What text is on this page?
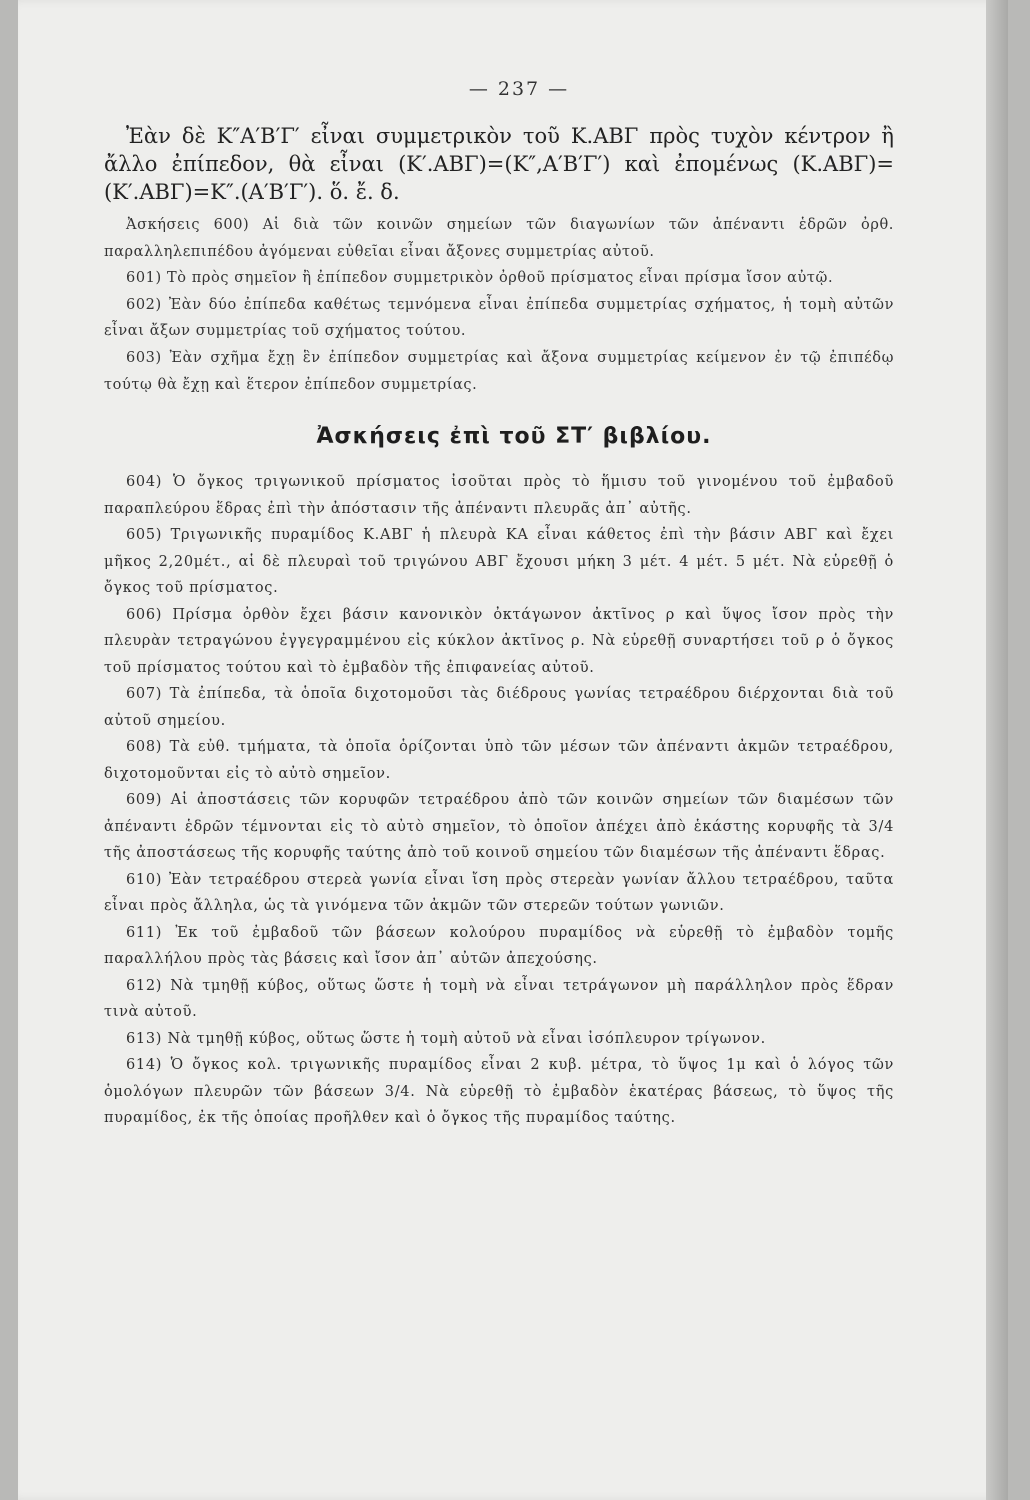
— 237 —

Ἐὰν δὲ Κ″Α′Β′Γ′ εἶναι συμμετρικὸν τοῦ Κ.ΑΒΓ πρὸς τυχὸν κέντρον ἢ ἄλλο ἐπίπεδον, θὰ εἶναι (Κ′.ΑΒΓ)=(Κ″,Α′Β′Γ′) καὶ ἐπομένως (Κ.ΑΒΓ)=(Κ′.ΑΒΓ)=Κ″.(Α′Β′Γ′). ὅ. ἔ. δ.

Ἀσκήσεις 600) Αἱ διὰ τῶν κοινῶν σημείων τῶν διαγωνίων τῶν ἀπέναντι ἑδρῶν ὀρθ. παραλληλεπιπέδου ἀγόμεναι εὐθεῖαι εἶναι ἄξονες συμμετρίας αὐτοῦ.

601) Τὸ πρὸς σημεῖον ἢ ἐπίπεδον συμμετρικὸν ὀρθοῦ πρίσματος εἶναι πρίσμα ἴσον αὐτῷ.

602) Ἐὰν δύο ἐπίπεδα καθέτως τεμνόμενα εἶναι ἐπίπεδα συμμετρίας σχήματος, ἡ τομὴ αὐτῶν εἶναι ἄξων συμμετρίας τοῦ σχήματος τούτου.

603) Ἐὰν σχῆμα ἔχῃ ἓν ἐπίπεδον συμμετρίας καὶ ἄξονα συμμετρίας κείμενον ἐν τῷ ἐπιπέδῳ τούτῳ θὰ ἔχῃ καὶ ἕτερον ἐπίπεδον συμμετρίας.

Ἀσκήσεις ἐπὶ τοῦ ΣΤ′ βιβλίου.

604) Ὁ ὄγκος τριγωνικοῦ πρίσματος ἰσοῦται πρὸς τὸ ἥμισυ τοῦ γινομένου τοῦ ἐμβαδοῦ παραπλεύρου ἕδρας ἐπὶ τὴν ἀπόστασιν τῆς ἀπέναντι πλευρᾶς ἀπ᾽ αὐτῆς.

605) Τριγωνικῆς πυραμίδος Κ.ΑΒΓ ἡ πλευρὰ ΚΑ εἶναι κάθετος ἐπὶ τὴν βάσιν ΑΒΓ καὶ ἔχει μῆκος 2,20μέτ., αἱ δὲ πλευραὶ τοῦ τριγώνου ΑΒΓ ἔχουσι μήκη 3 μέτ. 4 μέτ. 5 μέτ. Νὰ εὑρεθῇ ὁ ὄγκος τοῦ πρίσματος.

606) Πρίσμα ὀρθὸν ἔχει βάσιν κανονικὸν ὀκτάγωνον ἀκτῖνος ρ καὶ ὕψος ἴσον πρὸς τὴν πλευρὰν τετραγώνου ἐγγεγραμμένου εἰς κύκλον ἀκτῖνος ρ. Νὰ εὑρεθῇ συναρτήσει τοῦ ρ ὁ ὄγκος τοῦ πρίσματος τούτου καὶ τὸ ἐμβαδὸν τῆς ἐπιφανείας αὐτοῦ.

607) Τὰ ἐπίπεδα, τὰ ὁποῖα διχοτομοῦσι τὰς διέδρους γωνίας τετραέδρου διέρχονται διὰ τοῦ αὐτοῦ σημείου.

608) Τὰ εὐθ. τμήματα, τὰ ὁποῖα ὁρίζονται ὑπὸ τῶν μέσων τῶν ἀπέναντι ἀκμῶν τετραέδρου, διχοτομοῦνται εἰς τὸ αὐτὸ σημεῖον.

609) Αἱ ἀποστάσεις τῶν κορυφῶν τετραέδρου ἀπὸ τῶν κοινῶν σημείων τῶν διαμέσων τῶν ἀπέναντι ἑδρῶν τέμνονται εἰς τὸ αὐτὸ σημεῖον, τὸ ὁποῖον ἀπέχει ἀπὸ ἑκάστης κορυφῆς τὰ 3/4 τῆς ἀποστάσεως τῆς κορυφῆς ταύτης ἀπὸ τοῦ κοινοῦ σημείου τῶν διαμέσων τῆς ἀπέναντι ἕδρας.

610) Ἐὰν τετραέδρου στερεὰ γωνία εἶναι ἴση πρὸς στερεὰν γωνίαν ἄλλου τετραέδρου, ταῦτα εἶναι πρὸς ἄλληλα, ὡς τὰ γινόμενα τῶν ἀκμῶν τῶν στερεῶν τούτων γωνιῶν.

611) Ἐκ τοῦ ἐμβαδοῦ τῶν βάσεων κολούρου πυραμίδος νὰ εὑρεθῇ τὸ ἐμβαδὸν τομῆς παραλλήλου πρὸς τὰς βάσεις καὶ ἴσον ἀπ᾽ αὐτῶν ἀπεχούσης.

612) Νὰ τμηθῇ κύβος, οὕτως ὥστε ἡ τομὴ νὰ εἶναι τετράγωνον μὴ παράλληλον πρὸς ἕδραν τινὰ αὐτοῦ.

613) Νὰ τμηθῇ κύβος, οὕτως ὥστε ἡ τομὴ αὐτοῦ νὰ εἶναι ἰσόπλευρον τρίγωνον.

614) Ὁ ὄγκος κολ. τριγωνικῆς πυραμίδος εἶναι 2 κυβ. μέτρα, τὸ ὕψος 1μ καὶ ὁ λόγος τῶν ὁμολόγων πλευρῶν τῶν βάσεων 3/4. Νὰ εὑρεθῇ τὸ ἐμβαδὸν ἑκατέρας βάσεως, τὸ ὕψος τῆς πυραμίδος, ἐκ τῆς ὁποίας προῆλθεν καὶ ὁ ὄγκος τῆς πυραμίδος ταύτης.
